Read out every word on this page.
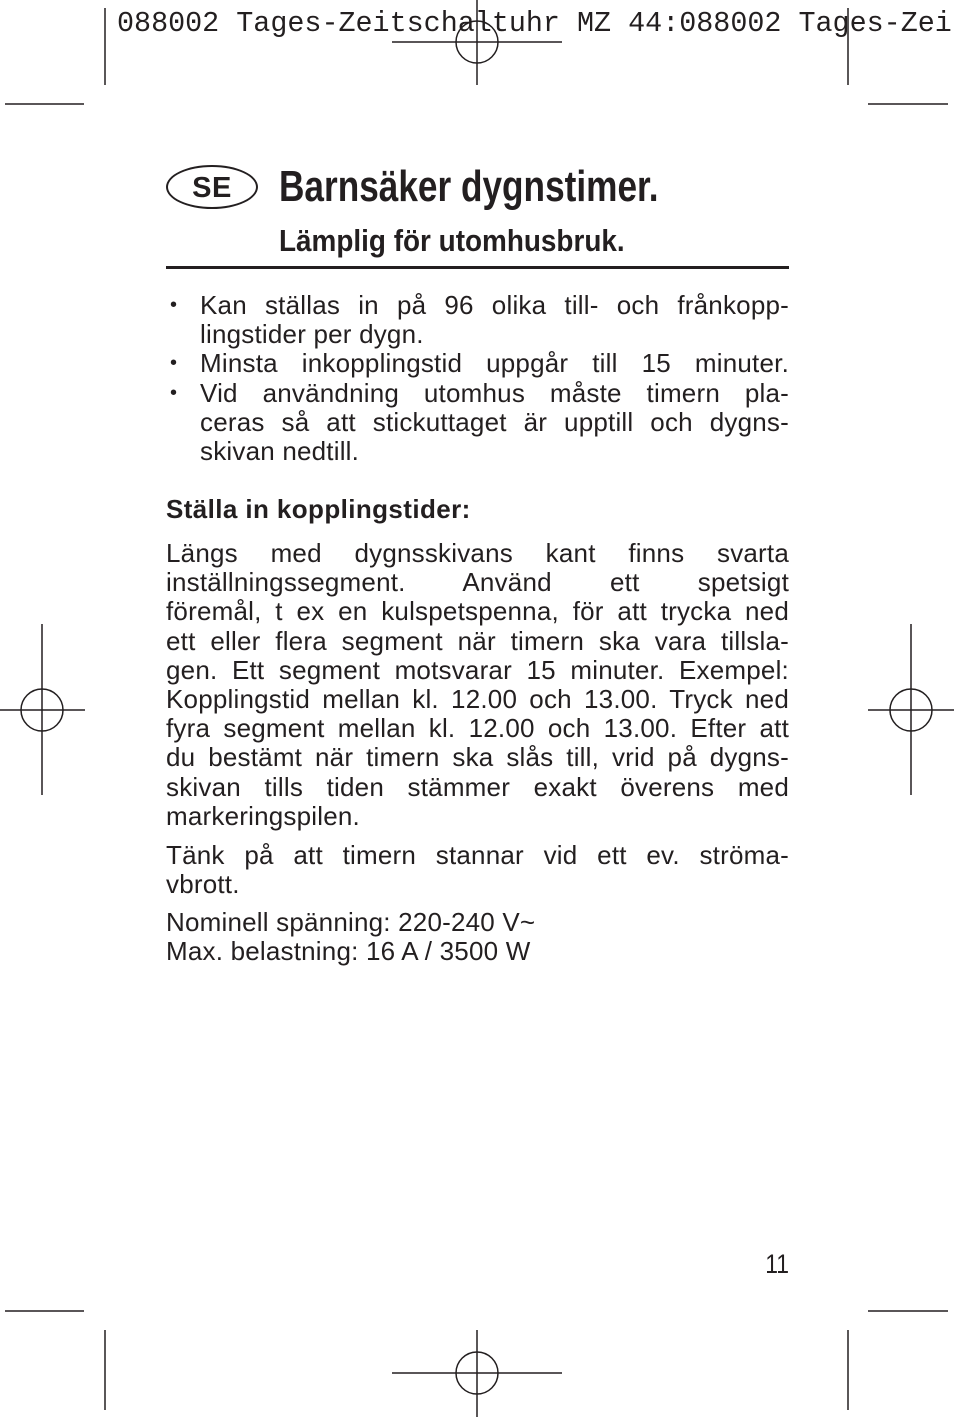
088002 Tages-Zeitschaltuhr MZ 44:088002 Tages-Zei
SE Barnsäker dygnstimer.
Lämplig för utomhusbruk.
• Kan ställas in på 96 olika till- och frånkopp-
lingstider per dygn.
• Minsta inkopplingstid uppgår till 15 minuter.
• Vid användning utomhus måste timern pla-
ceras så att stickuttaget är upptill och dygns-
skivan nedtill.
Ställa in kopplingstider:
Längs med dygnsskivans kant finns svarta
inställningssegment. Använd ett spetsigt
föremål, t ex en kulspetspenna, för att trycka ned
ett eller flera segment när timern ska vara tillsla-
gen. Ett segment motsvarar 15 minuter. Exempel:
Kopplingstid mellan kl. 12.00 och 13.00. Tryck ned
fyra segment mellan kl. 12.00 och 13.00. Efter att
du bestämt när timern ska slås till, vrid på dygns-
skivan tills tiden stämmer exakt överens med
markeringspilen.
Tänk på att timern stannar vid ett ev. ströma-
vbrott.
Nominell spänning: 220-240 V~
Max. belastning: 16 A / 3500 W
11
